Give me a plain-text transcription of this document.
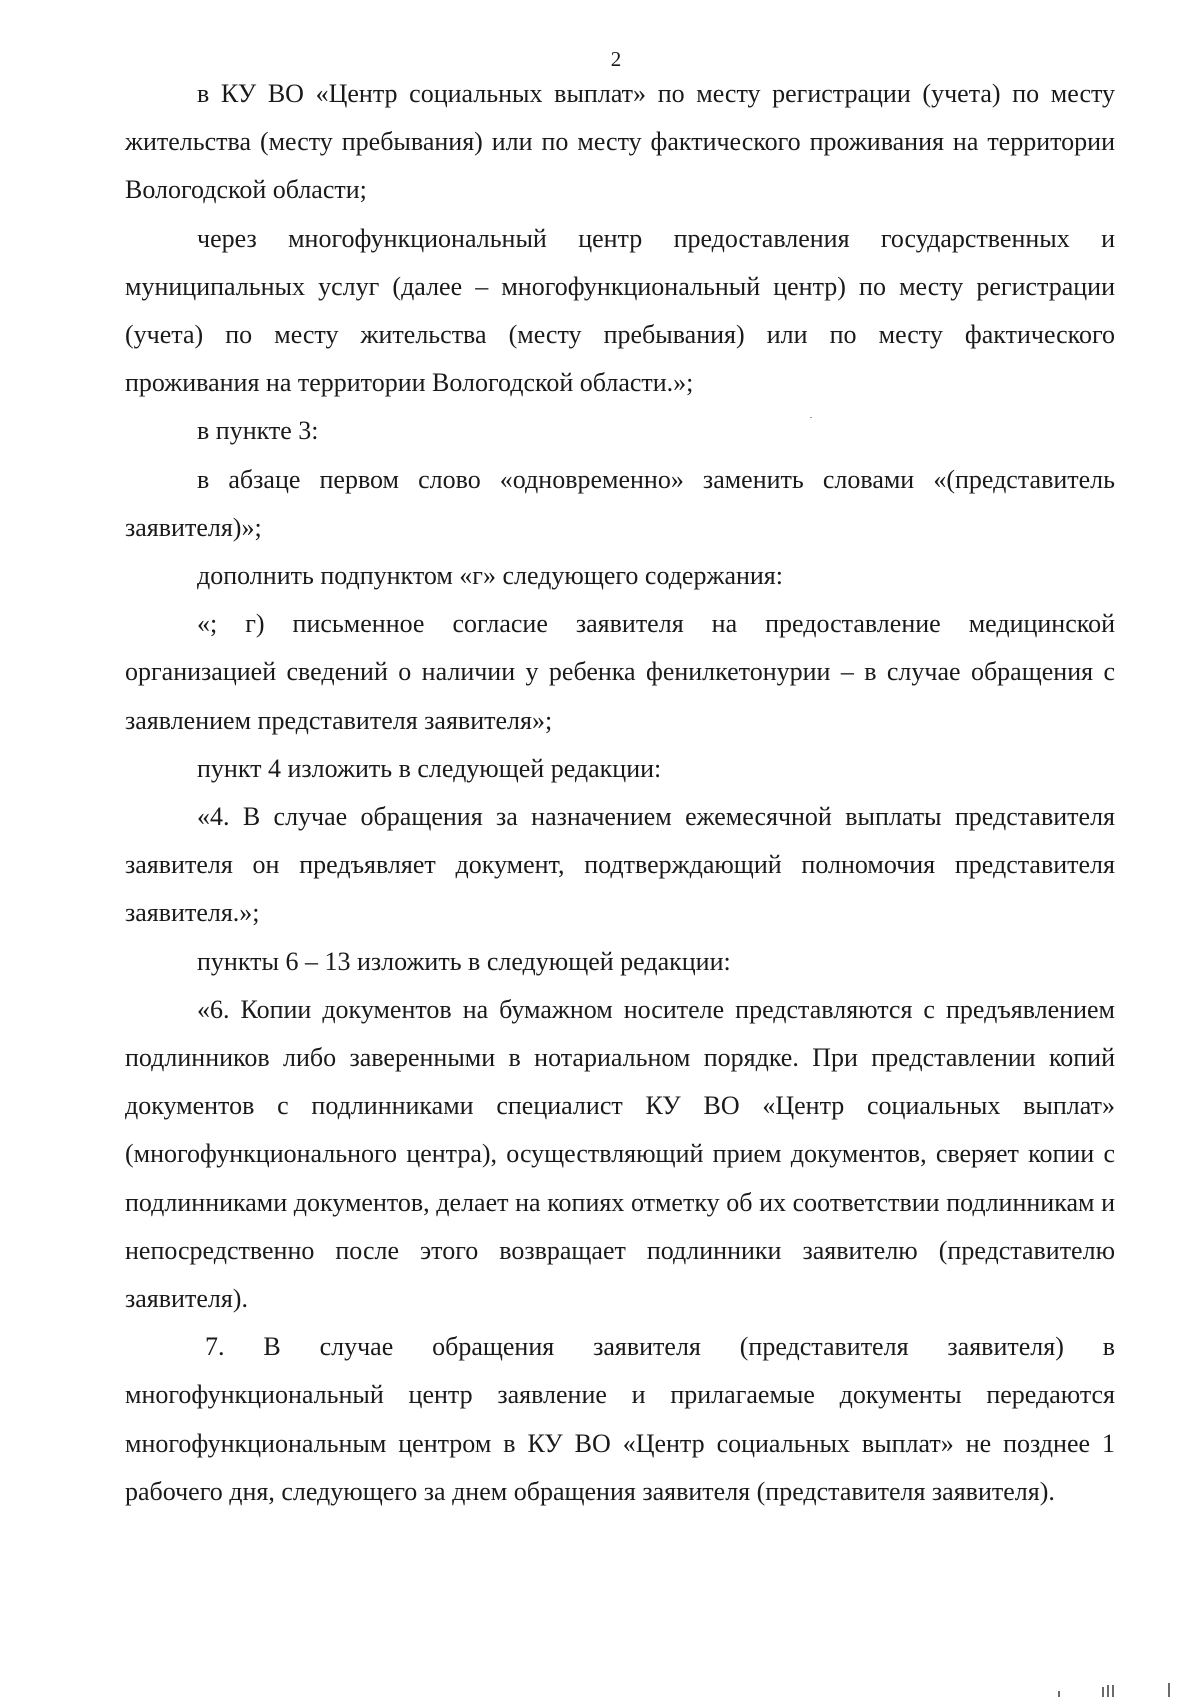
2

в КУ ВО «Центр социальных выплат» по месту регистрации (учета) по месту жительства (месту пребывания) или по месту фактического проживания на территории Вологодской области;

через многофункциональный центр предоставления государственных и муниципальных услуг (далее – многофункциональный центр) по месту регистрации (учета) по месту жительства (месту пребывания) или по месту фактического проживания на территории Вологодской области.»;

в пункте 3:

в абзаце первом слово «одновременно» заменить словами «(представитель заявителя)»;

дополнить подпунктом «г» следующего содержания:

«; г) письменное согласие заявителя на предоставление медицинской организацией сведений о наличии у ребенка фенилкетонурии – в случае обращения с заявлением представителя заявителя»;

пункт 4 изложить в следующей редакции:

«4. В случае обращения за назначением ежемесячной выплаты представителя заявителя он предъявляет документ, подтверждающий полномочия представителя заявителя.»;

пункты 6 – 13 изложить в следующей редакции:

«6. Копии документов на бумажном носителе представляются с предъявлением подлинников либо заверенными в нотариальном порядке. При представлении копий документов с подлинниками специалист КУ ВО «Центр социальных выплат» (многофункционального центра), осуществляющий прием документов, сверяет копии с подлинниками документов, делает на копиях отметку об их соответствии подлинникам и непосредственно после этого возвращает подлинники заявителю (представителю заявителя).

7. В случае обращения заявителя (представителя заявителя) в многофункциональный центр заявление и прилагаемые документы передаются многофункциональным центром в КУ ВО «Центр социальных выплат» не позднее 1 рабочего дня, следующего за днем обращения заявителя (представителя заявителя).
